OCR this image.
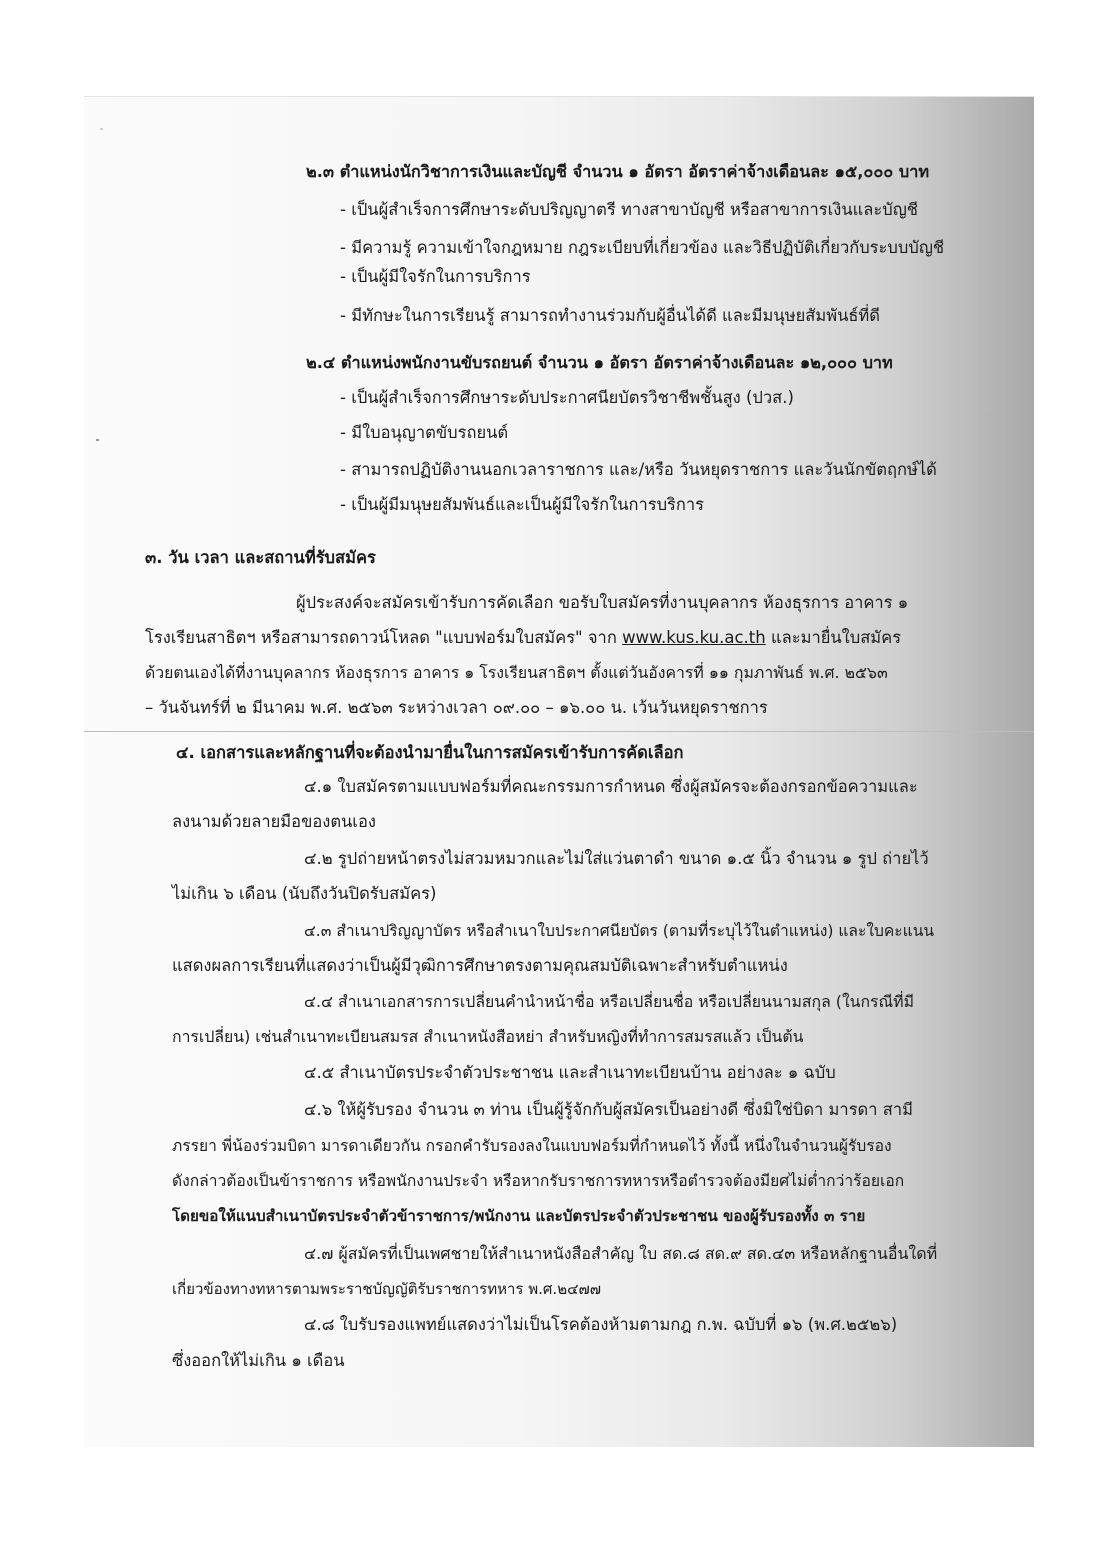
๒.๓ ตำแหน่งนักวิชาการเงินและบัญชี จำนวน ๑ อัตรา อัตราค่าจ้างเดือนละ ๑๕,๐๐๐ บาท
- เป็นผู้สำเร็จการศึกษาระดับปริญญาตรี ทางสาขาบัญชี หรือสาขาการเงินและบัญชี
- มีความรู้ ความเข้าใจกฎหมาย กฎระเบียบที่เกี่ยวข้อง และวิธีปฏิบัติเกี่ยวกับระบบบัญชี
- เป็นผู้มีใจรักในการบริการ
- มีทักษะในการเรียนรู้ สามารถทำงานร่วมกับผู้อื่นได้ดี และมีมนุษยสัมพันธ์ที่ดี
๒.๔ ตำแหน่งพนักงานขับรถยนต์ จำนวน ๑ อัตรา อัตราค่าจ้างเดือนละ ๑๒,๐๐๐ บาท
- เป็นผู้สำเร็จการศึกษาระดับประกาศนียบัตรวิชาชีพชั้นสูง (ปวส.)
- มีใบอนุญาตขับรถยนต์
- สามารถปฏิบัติงานนอกเวลาราชการ และ/หรือ วันหยุดราชการ และวันนักขัตฤกษ์ได้
- เป็นผู้มีมนุษยสัมพันธ์และเป็นผู้มีใจรักในการบริการ
๓. วัน เวลา และสถานที่รับสมัคร
ผู้ประสงค์จะสมัครเข้ารับการคัดเลือก ขอรับใบสมัครที่งานบุคลากร ห้องธุรการ อาคาร ๑
โรงเรียนสาธิตฯ หรือสามารถดาวน์โหลด "แบบฟอร์มใบสมัคร" จาก www.kus.ku.ac.th และมายื่นใบสมัคร
ด้วยตนเองได้ที่งานบุคลากร ห้องธุรการ อาคาร ๑ โรงเรียนสาธิตฯ ตั้งแต่วันอังคารที่ ๑๑ กุมภาพันธ์ พ.ศ. ๒๕๖๓
– วันจันทร์ที่ ๒ มีนาคม พ.ศ. ๒๕๖๓ ระหว่างเวลา ๐๙.๐๐ – ๑๖.๐๐ น. เว้นวันหยุดราชการ
๔. เอกสารและหลักฐานที่จะต้องนำมายื่นในการสมัครเข้ารับการคัดเลือก
๔.๑ ใบสมัครตามแบบฟอร์มที่คณะกรรมการกำหนด ซึ่งผู้สมัครจะต้องกรอกข้อความและ
ลงนามด้วยลายมือของตนเอง
๔.๒ รูปถ่ายหน้าตรงไม่สวมหมวกและไม่ใส่แว่นตาดำ ขนาด ๑.๕ นิ้ว จำนวน ๑ รูป ถ่ายไว้
ไม่เกิน ๖ เดือน (นับถึงวันปิดรับสมัคร)
๔.๓ สำเนาปริญญาบัตร หรือสำเนาใบประกาศนียบัตร (ตามที่ระบุไว้ในตำแหน่ง) และใบคะแนน
แสดงผลการเรียนที่แสดงว่าเป็นผู้มีวุฒิการศึกษาตรงตามคุณสมบัติเฉพาะสำหรับตำแหน่ง
๔.๔ สำเนาเอกสารการเปลี่ยนคำนำหน้าชื่อ หรือเปลี่ยนชื่อ หรือเปลี่ยนนามสกุล (ในกรณีที่มี
การเปลี่ยน) เช่นสำเนาทะเบียนสมรส สำเนาหนังสือหย่า สำหรับหญิงที่ทำการสมรสแล้ว เป็นต้น
๔.๕ สำเนาบัตรประจำตัวประชาชน และสำเนาทะเบียนบ้าน อย่างละ ๑ ฉบับ
๔.๖ ให้ผู้รับรอง จำนวน ๓ ท่าน เป็นผู้รู้จักกับผู้สมัครเป็นอย่างดี ซึ่งมิใช่บิดา มารดา สามี
ภรรยา พี่น้องร่วมบิดา มารดาเดียวกัน กรอกคำรับรองลงในแบบฟอร์มที่กำหนดไว้ ทั้งนี้ หนึ่งในจำนวนผู้รับรอง
ดังกล่าวต้องเป็นข้าราชการ หรือพนักงานประจำ หรือหากรับราชการทหารหรือตำรวจต้องมียศไม่ต่ำกว่าร้อยเอก
โดยขอให้แนบสำเนาบัตรประจำตัวข้าราชการ/พนักงาน และบัตรประจำตัวประชาชน ของผู้รับรองทั้ง ๓ ราย
๔.๗ ผู้สมัครที่เป็นเพศชายให้สำเนาหนังสือสำคัญ ใบ สด.๘ สด.๙ สด.๔๓ หรือหลักฐานอื่นใดที่
เกี่ยวข้องทางทหารตามพระราชบัญญัติรับราชการทหาร พ.ศ.๒๔๗๗
๔.๘ ใบรับรองแพทย์แสดงว่าไม่เป็นโรคต้องห้ามตามกฎ ก.พ. ฉบับที่ ๑๖ (พ.ศ.๒๕๒๖)
ซึ่งออกให้ไม่เกิน ๑ เดือน
